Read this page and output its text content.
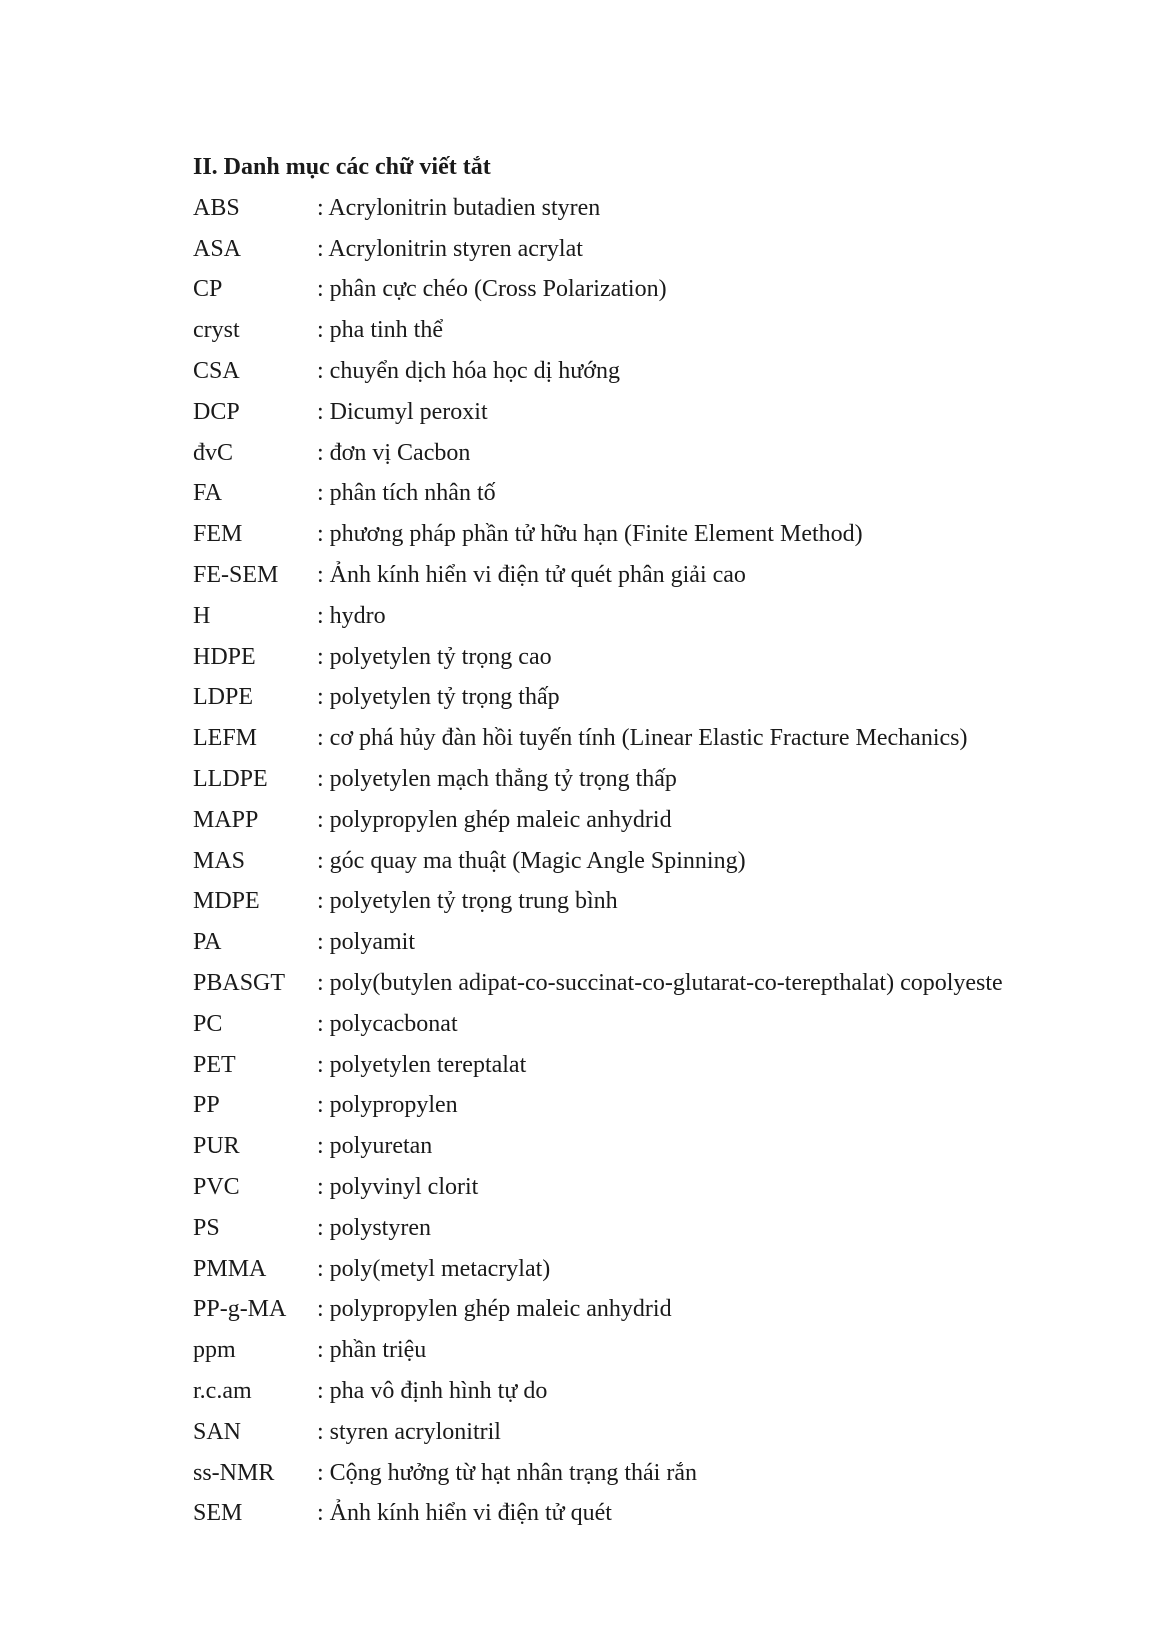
II. Danh mục các chữ viết tắt
ABS	: Acrylonitrin butadien styren
ASA	: Acrylonitrin styren acrylat
CP	: phân cực chéo (Cross Polarization)
cryst	: pha tinh thể
CSA	: chuyển dịch hóa học dị hướng
DCP	: Dicumyl peroxit
đvC	: đơn vị Cacbon
FA	: phân tích nhân tố
FEM	: phương pháp phần tử hữu hạn (Finite Element Method)
FE-SEM	: Ảnh kính hiển vi điện tử quét phân giải cao
H	: hydro
HDPE	: polyetylen tỷ trọng cao
LDPE	: polyetylen tỷ trọng thấp
LEFM	: cơ phá hủy đàn hồi tuyến tính (Linear Elastic Fracture Mechanics)
LLDPE	: polyetylen mạch thẳng tỷ trọng thấp
MAPP	: polypropylen ghép maleic anhydrid
MAS	: góc quay ma thuật (Magic Angle Spinning)
MDPE	: polyetylen tỷ trọng trung bình
PA	: polyamit
PBASGT	: poly(butylen adipat-co-succinat-co-glutarat-co-terepthalat) copolyeste
PC	: polycacbonat
PET	: polyetylen tereptalat
PP	: polypropylen
PUR	: polyuretan
PVC	: polyvinyl clorit
PS	: polystyren
PMMA	: poly(metyl metacrylat)
PP-g-MA	: polypropylen ghép maleic anhydrid
ppm	: phần triệu
r.c.am	: pha vô định hình tự do
SAN	: styren acrylonitril
ss-NMR	: Cộng hưởng từ hạt nhân trạng thái rắn
SEM	: Ảnh kính hiển vi điện tử quét
